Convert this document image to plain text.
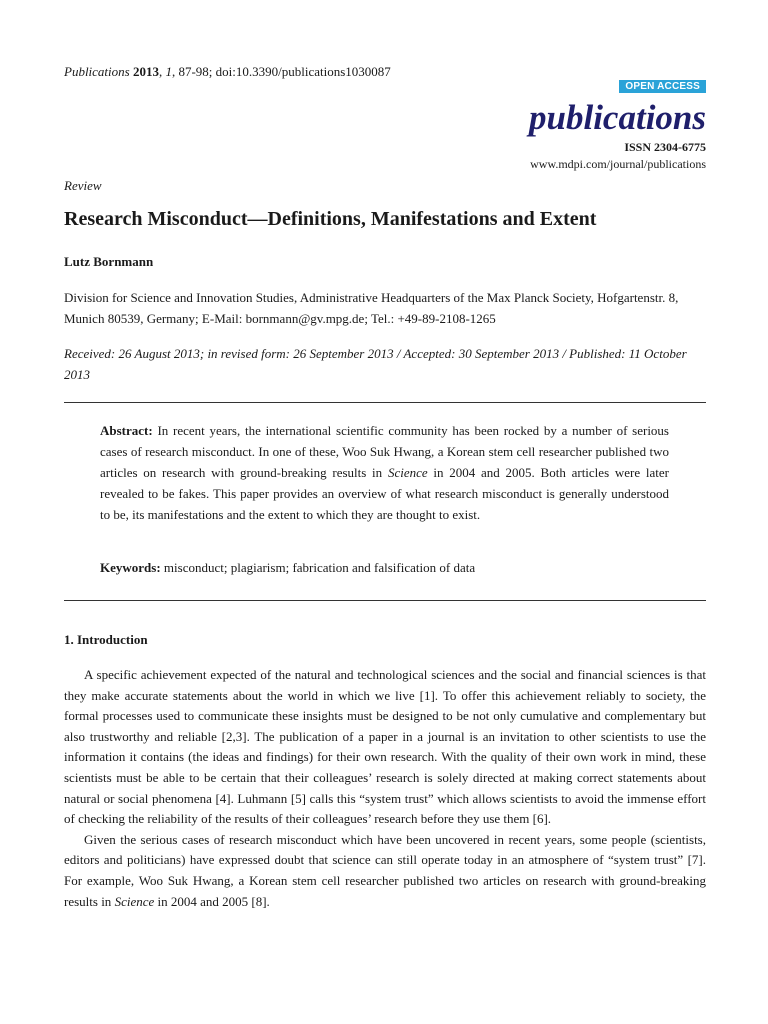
Publications 2013, 1, 87-98; doi:10.3390/publications1030087
OPEN ACCESS
publications
ISSN 2304-6775
www.mdpi.com/journal/publications
Review
Research Misconduct—Definitions, Manifestations and Extent
Lutz Bornmann
Division for Science and Innovation Studies, Administrative Headquarters of the Max Planck Society, Hofgartenstr. 8, Munich 80539, Germany; E-Mail: bornmann@gv.mpg.de; Tel.: +49-89-2108-1265
Received: 26 August 2013; in revised form: 26 September 2013 / Accepted: 30 September 2013 / Published: 11 October 2013
Abstract: In recent years, the international scientific community has been rocked by a number of serious cases of research misconduct. In one of these, Woo Suk Hwang, a Korean stem cell researcher published two articles on research with ground-breaking results in Science in 2004 and 2005. Both articles were later revealed to be fakes. This paper provides an overview of what research misconduct is generally understood to be, its manifestations and the extent to which they are thought to exist.
Keywords: misconduct; plagiarism; fabrication and falsification of data
1. Introduction

A specific achievement expected of the natural and technological sciences and the social and financial sciences is that they make accurate statements about the world in which we live [1]. To offer this achievement reliably to society, the formal processes used to communicate these insights must be designed to be not only cumulative and complementary but also trustworthy and reliable [2,3]. The publication of a paper in a journal is an invitation to other scientists to use the information it contains (the ideas and findings) for their own research. With the quality of their own work in mind, these scientists must be able to be certain that their colleagues’ research is solely directed at making correct statements about natural or social phenomena [4]. Luhmann [5] calls this “system trust” which allows scientists to avoid the immense effort of checking the reliability of the results of their colleagues’ research before they use them [6].

Given the serious cases of research misconduct which have been uncovered in recent years, some people (scientists, editors and politicians) have expressed doubt that science can still operate today in an atmosphere of “system trust” [7]. For example, Woo Suk Hwang, a Korean stem cell researcher published two articles on research with ground-breaking results in Science in 2004 and 2005 [8].
